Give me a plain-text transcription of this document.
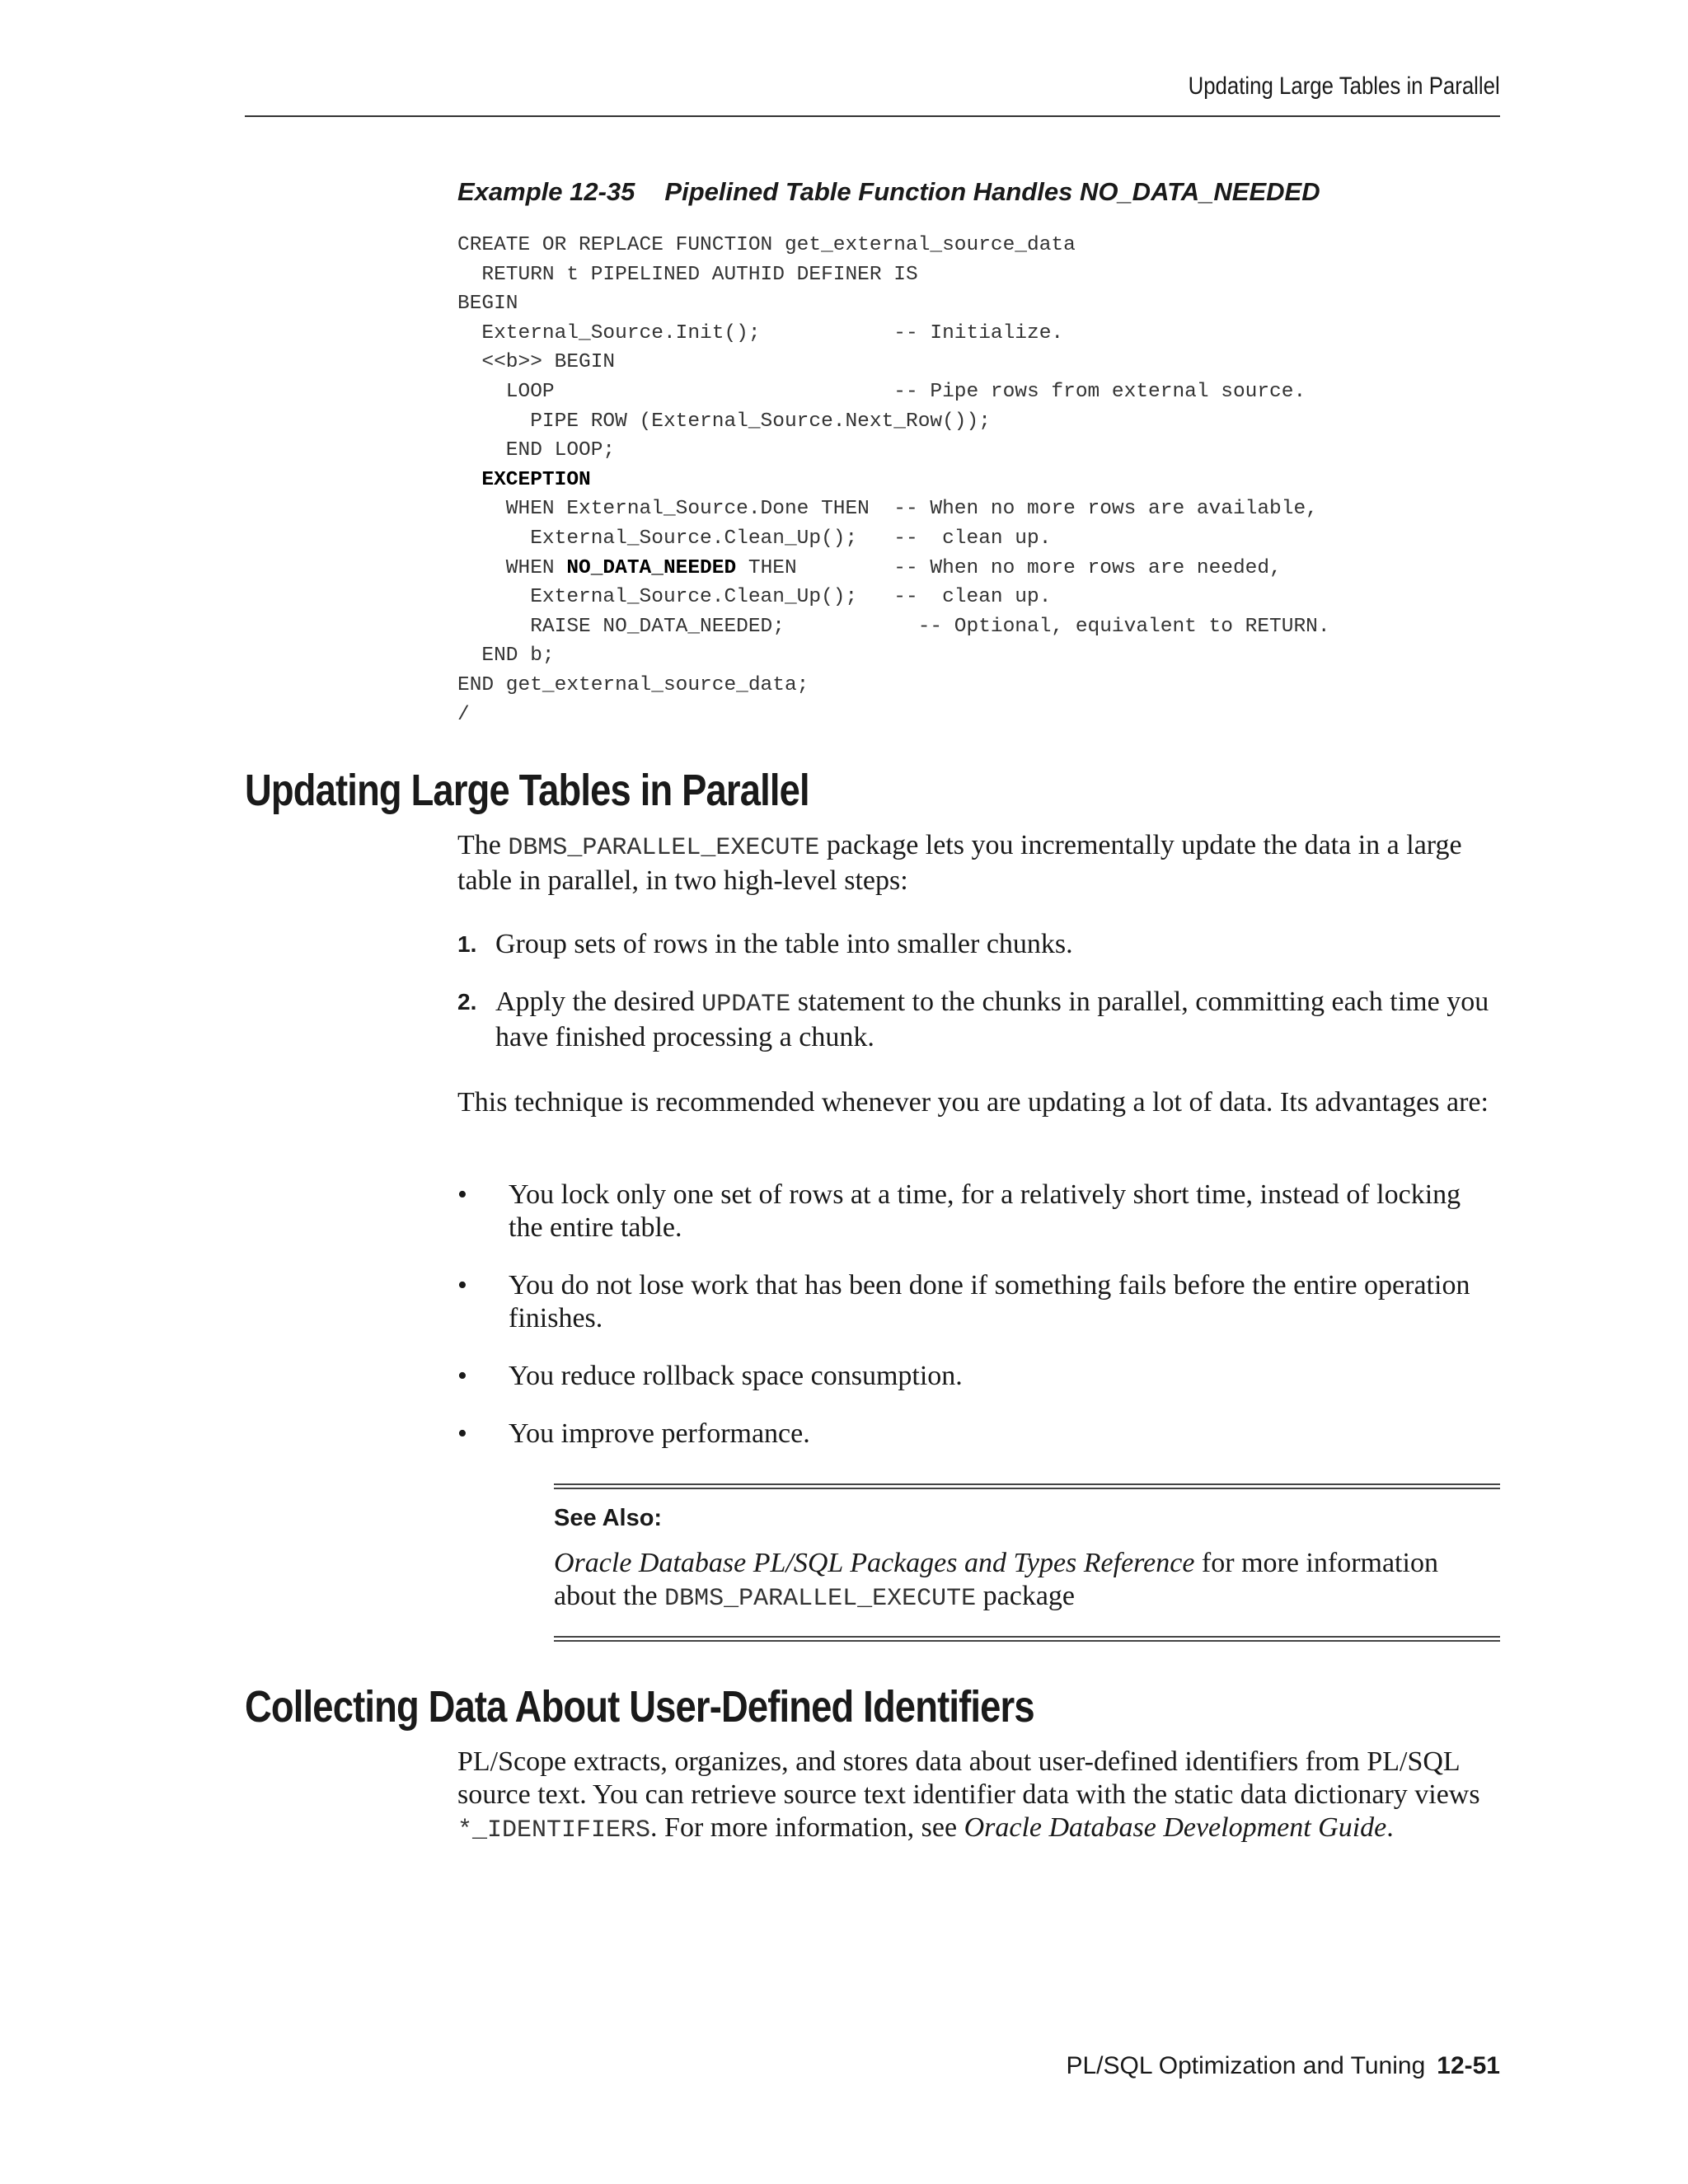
Updating Large Tables in Parallel
Example 12-35 Pipelined Table Function Handles NO_DATA_NEEDED
CREATE OR REPLACE FUNCTION get_external_source_data
RETURN t PIPELINED AUTHID DEFINER IS
BEGIN
External_Source.Init();           -- Initialize.
<<b>> BEGIN
LOOP                            -- Pipe rows from external source.
PIPE ROW (External_Source.Next_Row());
END LOOP;
EXCEPTION
WHEN External_Source.Done THEN  -- When no more rows are available,
External_Source.Clean_Up();   --  clean up.
WHEN NO_DATA_NEEDED THEN        -- When no more rows are needed,
External_Source.Clean_Up();   --  clean up.
RAISE NO_DATA_NEEDED;           -- Optional, equivalent to RETURN.
END b;
END get_external_source_data;
/
Updating Large Tables in Parallel

The DBMS_PARALLEL_EXECUTE package lets you incrementally update the data in a large table in parallel, in two high-level steps:

1. Group sets of rows in the table into smaller chunks.
2. Apply the desired UPDATE statement to the chunks in parallel, committing each time you have finished processing a chunk.

This technique is recommended whenever you are updating a lot of data. Its advantages are:

• You lock only one set of rows at a time, for a relatively short time, instead of locking the entire table.
• You do not lose work that has been done if something fails before the entire operation finishes.
• You reduce rollback space consumption.
• You improve performance.
See Also:

Oracle Database PL/SQL Packages and Types Reference for more information about the DBMS_PARALLEL_EXECUTE package

Collecting Data About User-Defined Identifiers

PL/Scope extracts, organizes, and stores data about user-defined identifiers from PL/SQL source text. You can retrieve source text identifier data with the static data dictionary views *_IDENTIFIERS. For more information, see Oracle Database Development Guide.

PL/SQL Optimization and Tuning 12-51
